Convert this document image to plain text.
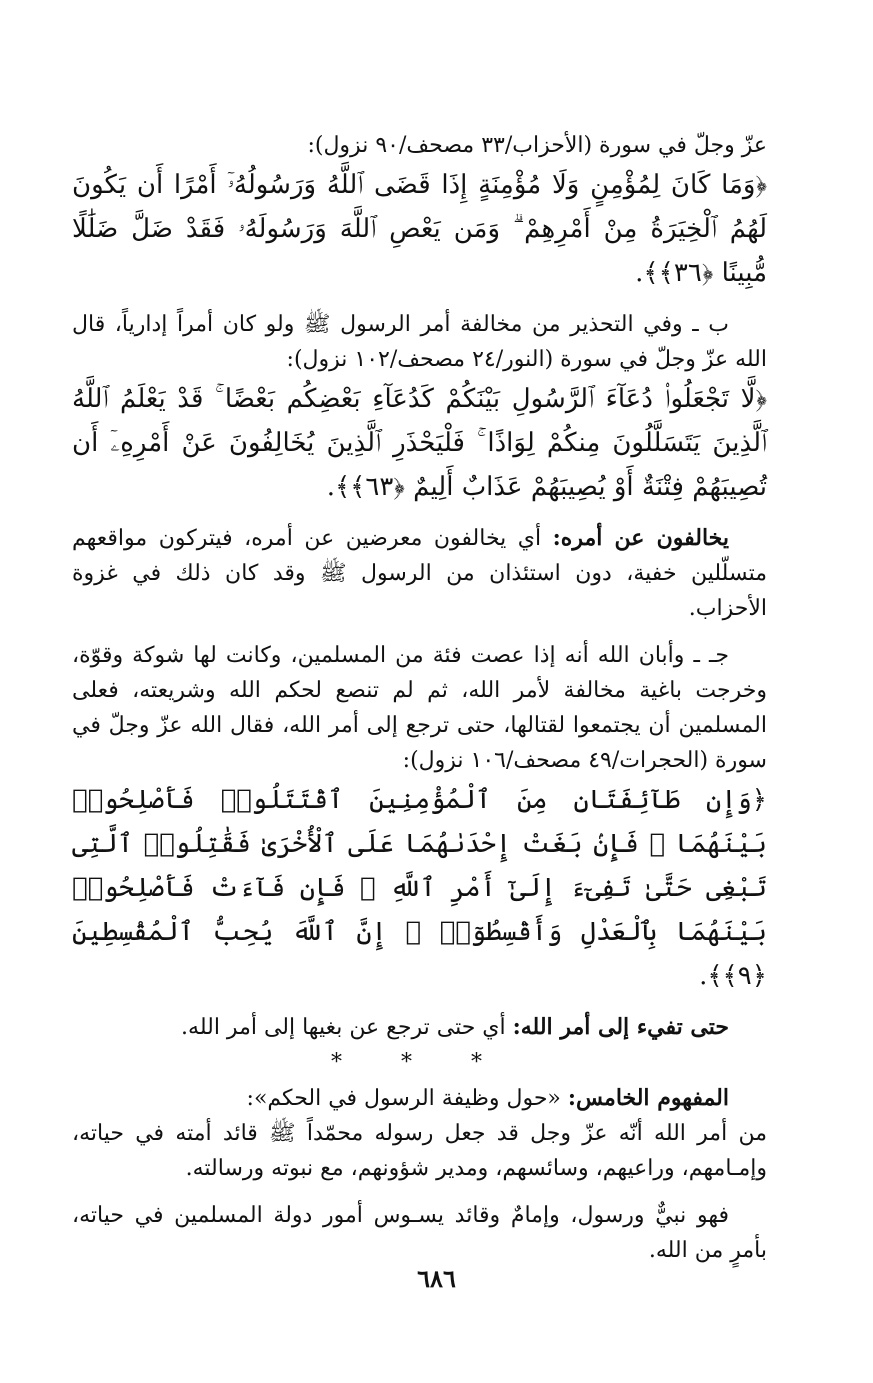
عزّ وجلّ في سورة (الأحزاب/٣٣ مصحف/٩٠ نزول):

﴿وَمَا كَانَ لِمُؤْمِنٍ وَلَا مُؤْمِنَةٍ إِذَا قَضَى ٱللَّهُ وَرَسُولُهُۥٓ أَمْرًا أَن يَكُونَ لَهُمُ ٱلْخِيَرَةُ مِنْ أَمْرِهِمْ ۗ وَمَن يَعْصِ ٱللَّهَ وَرَسُولَهُۥ فَقَدْ ضَلَّ ضَلَٰلًا مُّبِينًا ﴿٣٦﴾﴾.

ب ـ وفي التحذير من مخالفة أمر الرسول ﷺ ولو كان أمراً إدارياً، قال الله عزّ وجلّ في سورة (النور/٢٤ مصحف/١٠٢ نزول):

﴿لَّا تَجْعَلُوا۟ دُعَآءَ ٱلرَّسُولِ بَيْنَكُمْ كَدُعَآءِ بَعْضِكُم بَعْضًا ۚ قَدْ يَعْلَمُ ٱللَّهُ ٱلَّذِينَ يَتَسَلَّلُونَ مِنكُمْ لِوَاذًا ۚ فَلْيَحْذَرِ ٱلَّذِينَ يُخَالِفُونَ عَنْ أَمْرِهِۦٓ أَن تُصِيبَهُمْ فِتْنَةٌ أَوْ يُصِيبَهُمْ عَذَابٌ أَلِيمٌ ﴿٦٣﴾﴾.

يخالفون عن أمره: أي يخالفون معرضين عن أمره، فيتركون مواقعهم متسلّلين خفية، دون استئذان من الرسول ﷺ وقد كان ذلك في غزوة الأحزاب.

جـ ـ وأبان الله أنه إذا عصت فئة من المسلمين، وكانت لها شوكة وقوّة، وخرجت باغية مخالفة لأمر الله، ثم لم تنصع لحكم الله وشريعته، فعلى المسلمين أن يجتمعوا لقتالها، حتى ترجع إلى أمر الله، فقال الله عزّ وجلّ في سورة (الحجرات/٤٩ مصحف/١٠٦ نزول):

﴿وَإِن طَآئِفَتَانِ مِنَ ٱلْمُؤْمِنِينَ ٱقْتَتَلُوا۟ فَأَصْلِحُوا۟ بَيْنَهُمَا ۖ فَإِنۢ بَغَتْ إِحْدَىٰهُمَا عَلَى ٱلْأُخْرَىٰ فَقَٰتِلُوا۟ ٱلَّتِى تَبْغِى حَتَّىٰ تَفِىٓءَ إِلَىٰٓ أَمْرِ ٱللَّهِ ۚ فَإِن فَآءَتْ فَأَصْلِحُوا۟ بَيْنَهُمَا بِٱلْعَدْلِ وَأَقْسِطُوٓا۟ ۖ إِنَّ ٱللَّهَ يُحِبُّ ٱلْمُقْسِطِينَ ﴿٩﴾﴾.

حتى تفيء إلى أمر الله: أي حتى ترجع عن بغيها إلى أمر الله.

* * *

المفهوم الخامس: «حول وظيفة الرسول في الحكم»:

من أمر الله أنّه عزّ وجل قد جعل رسوله محمّداً ﷺ قائد أمته في حياته، وإمـامهم، وراعيهم، وسائسهم، ومدير شؤونهم، مع نبوته ورسالته.

فهو نبيٌّ ورسول، وإمامٌ وقائد يسـوس أمور دولة المسلمين في حياته، بأمرٍ من الله.

٦٨٦
